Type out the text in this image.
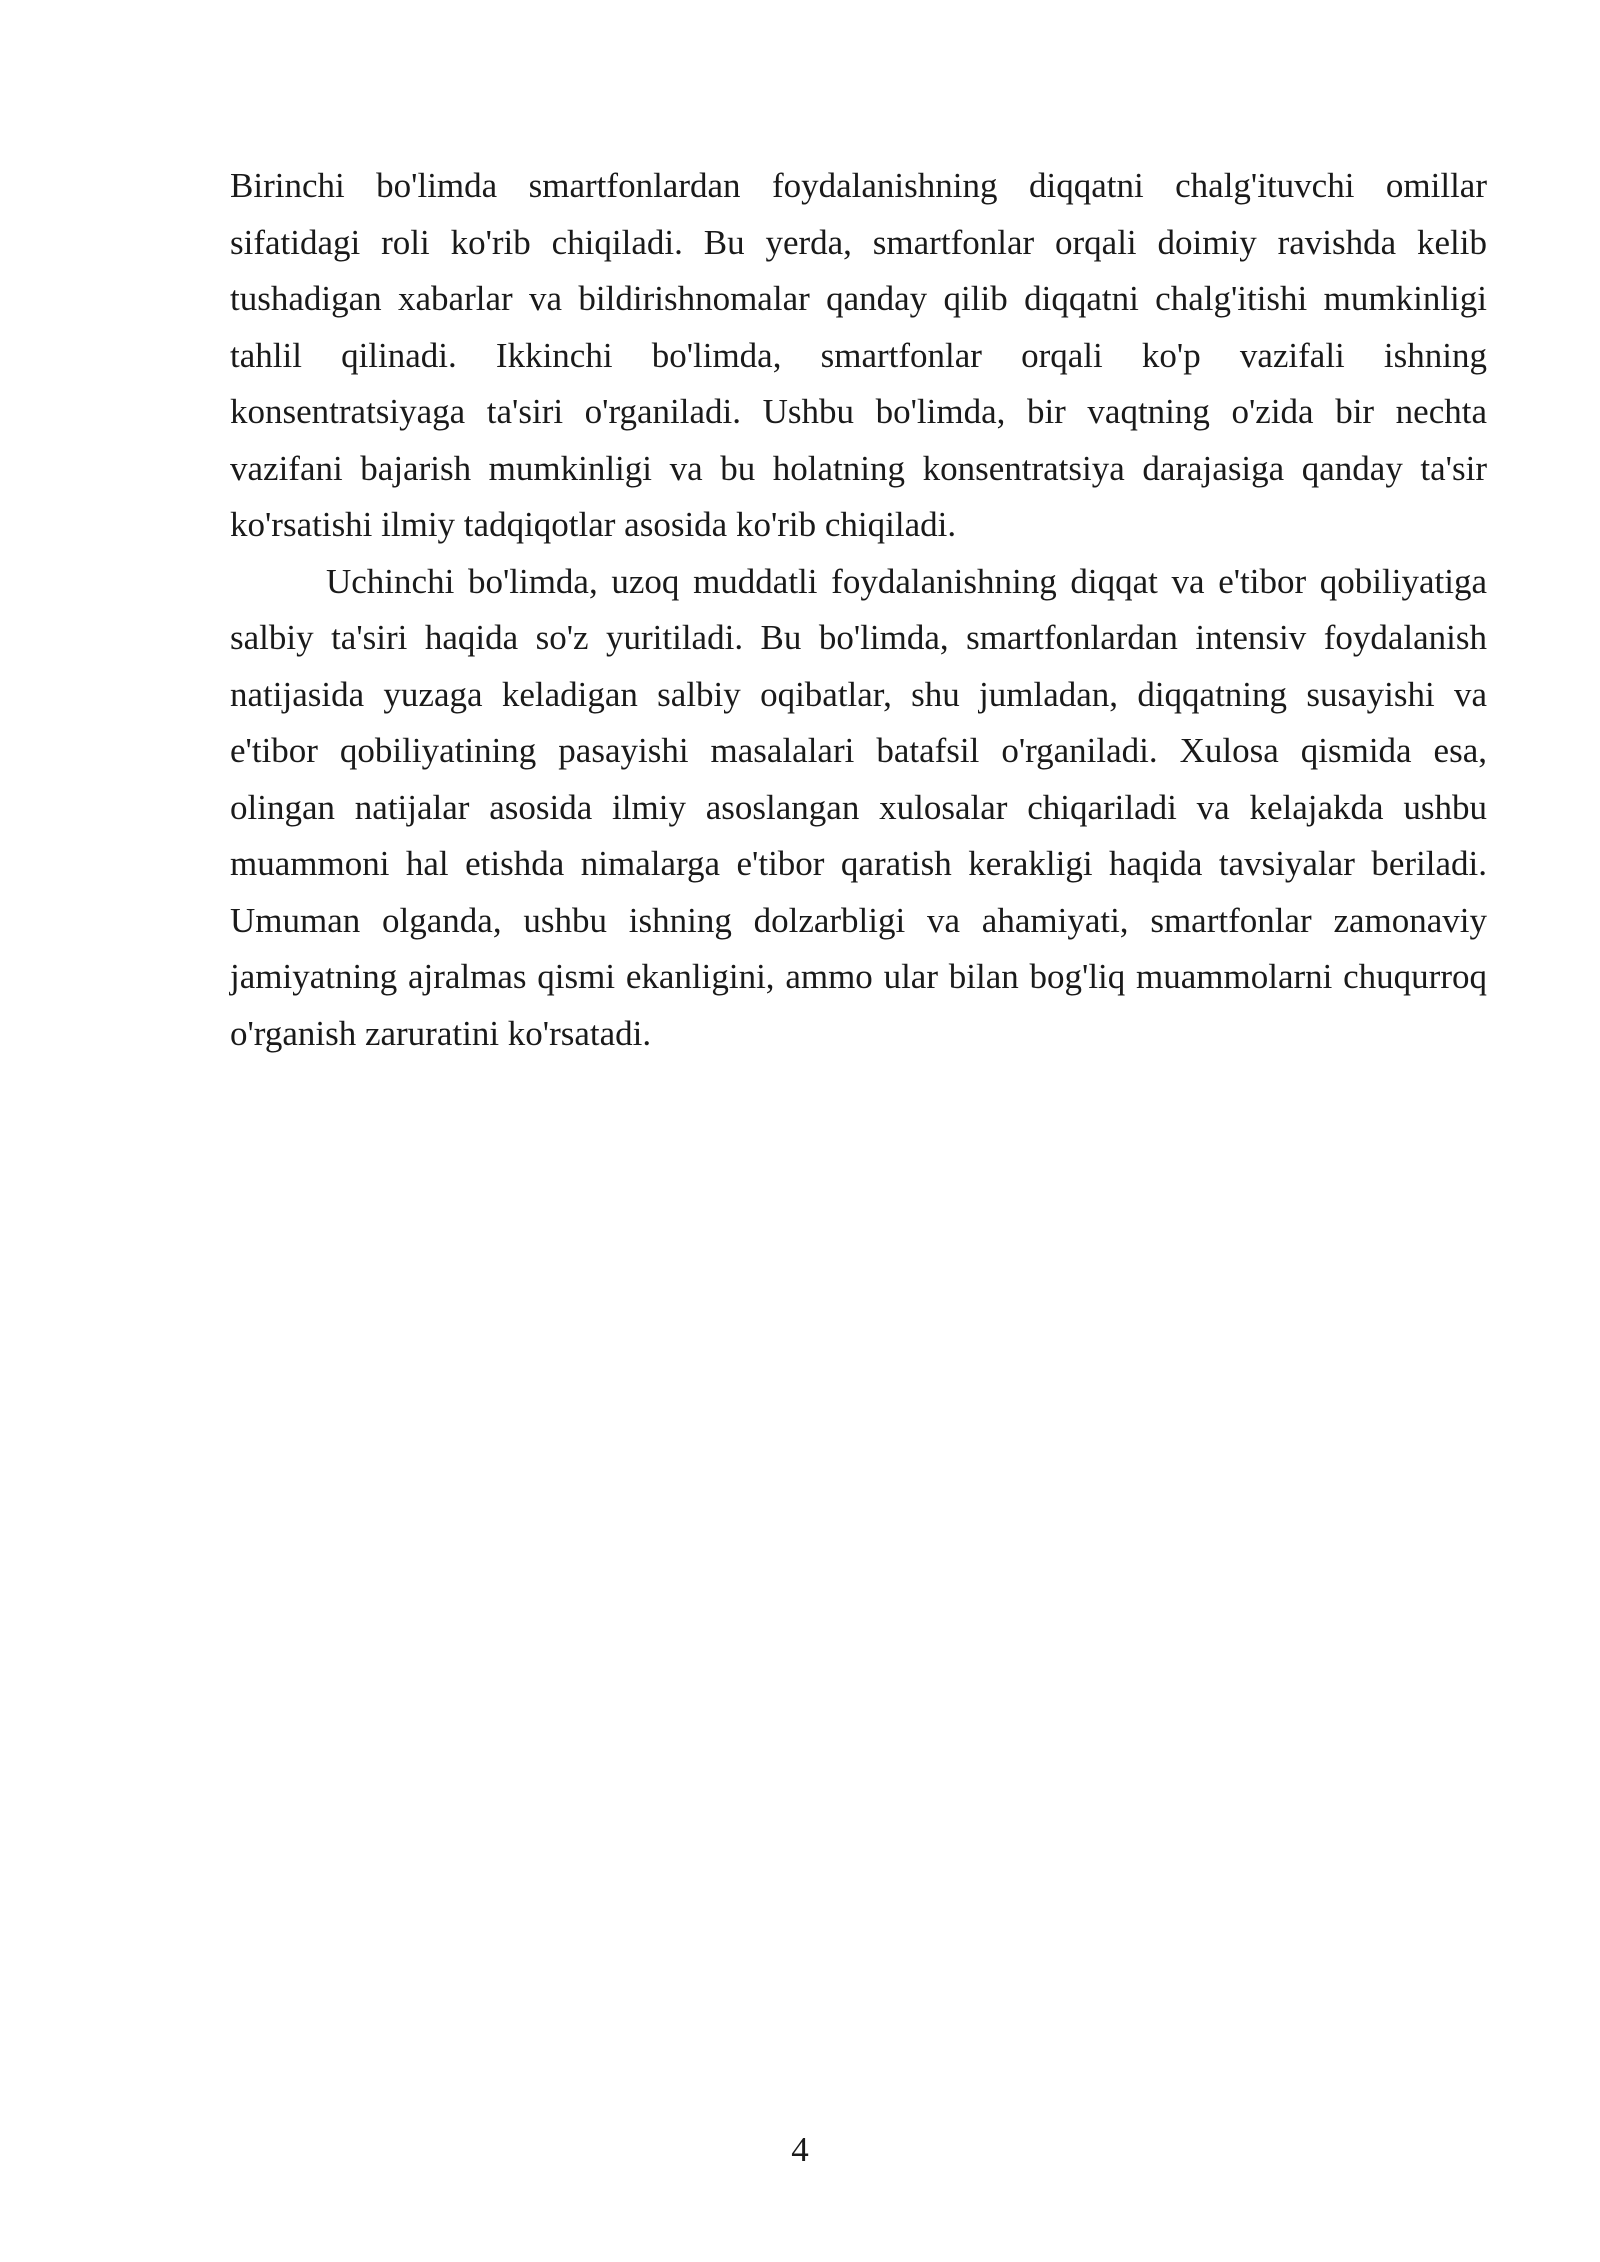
Birinchi bo'limda smartfonlardan foydalanishning diqqatni chalg'ituvchi omillar sifatidagi roli ko'rib chiqiladi. Bu yerda, smartfonlar orqali doimiy ravishda kelib tushadigan xabarlar va bildirishnomalar qanday qilib diqqatni chalg'itishi mumkinligi tahlil qilinadi. Ikkinchi bo'limda, smartfonlar orqali ko'p vazifali ishning konsentratsiyaga ta'siri o'rganiladi. Ushbu bo'limda, bir vaqtning o'zida bir nechta vazifani bajarish mumkinligi va bu holatning konsentratsiya darajasiga qanday ta'sir ko'rsatishi ilmiy tadqiqotlar asosida ko'rib chiqiladi.

Uchinchi bo'limda, uzoq muddatli foydalanishning diqqat va e'tibor qobiliyatiga salbiy ta'siri haqida so'z yuritiladi. Bu bo'limda, smartfonlardan intensiv foydalanish natijasida yuzaga keladigan salbiy oqibatlar, shu jumladan, diqqatning susayishi va e'tibor qobiliyatining pasayishi masalalari batafsil o'rganiladi. Xulosa qismida esa, olingan natijalar asosida ilmiy asoslangan xulosalar chiqariladi va kelajakda ushbu muammoni hal etishda nimalarga e'tibor qaratish kerakligi haqida tavsiyalar beriladi. Umuman olganda, ushbu ishning dolzarbligi va ahamiyati, smartfonlar zamonaviy jamiyatning ajralmas qismi ekanligini, ammo ular bilan bog'liq muammolarni chuqurroq o'rganish zaruratini ko'rsatadi.

4
